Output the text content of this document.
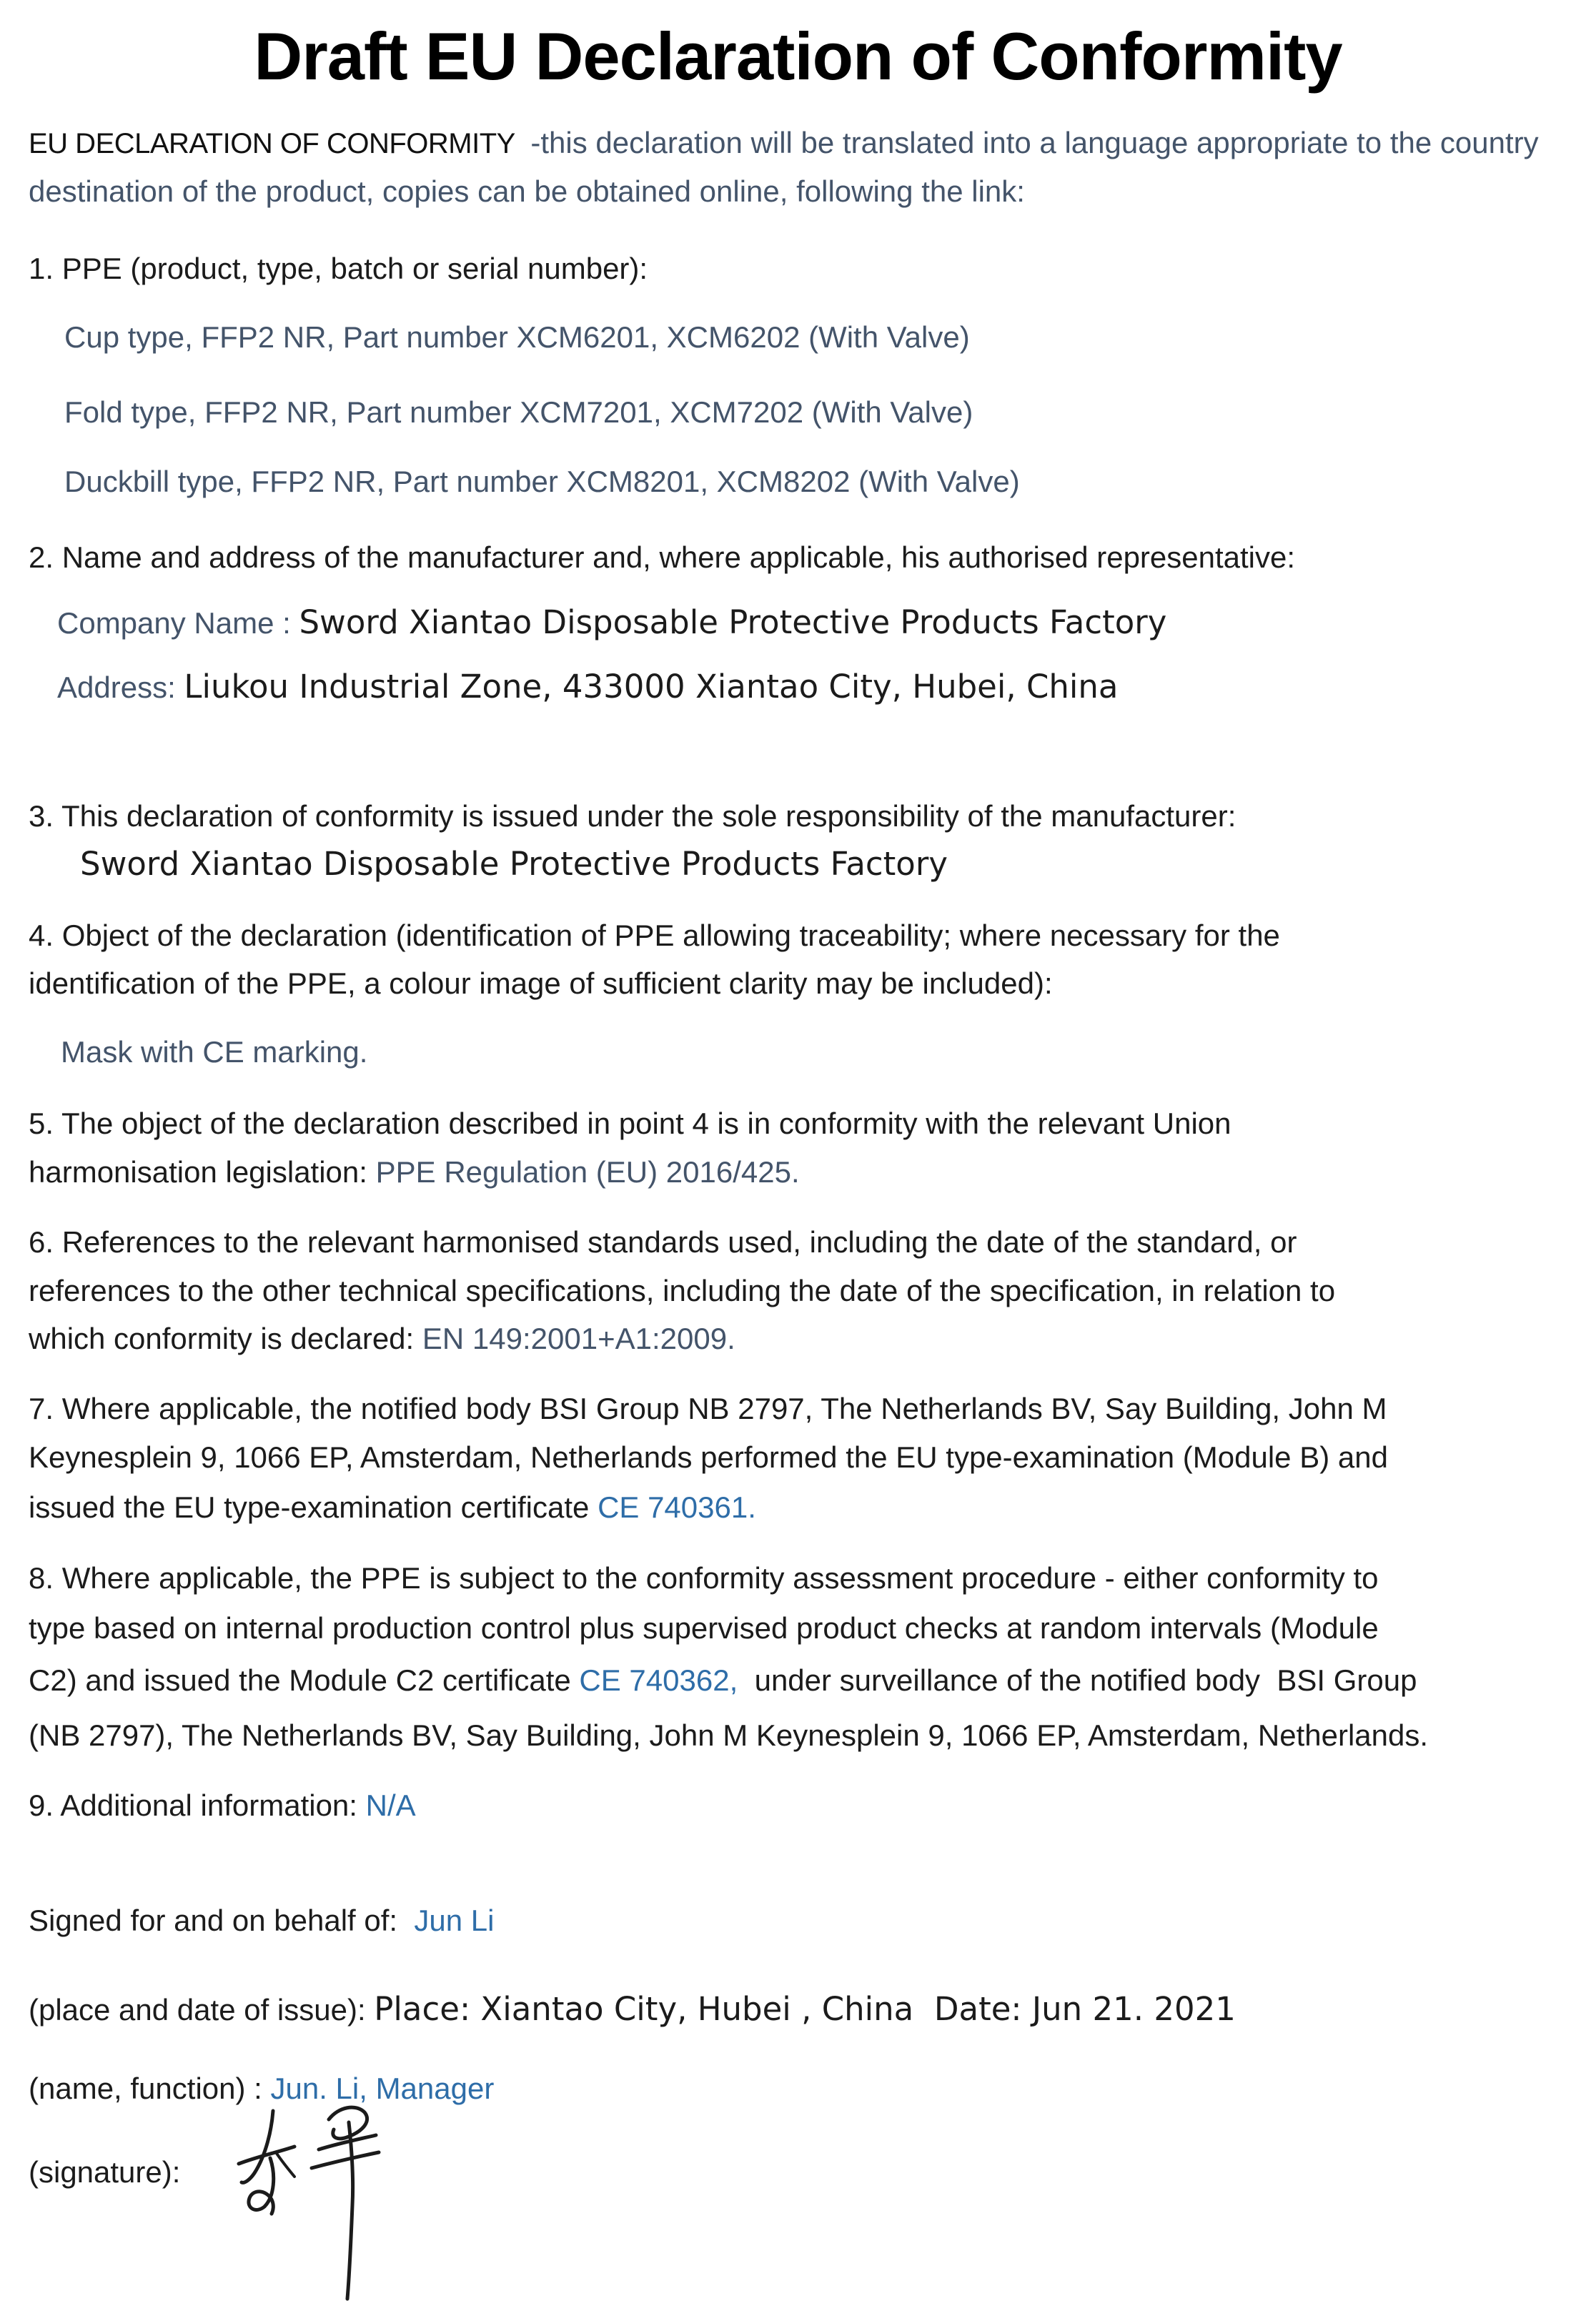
Draft EU Declaration of Conformity
EU DECLARATION OF CONFORMITY  -this declaration will be translated into a language appropriate to the country
destination of the product, copies can be obtained online, following the link:
1. PPE (product, type, batch or serial number):
Cup type, FFP2 NR, Part number XCM6201, XCM6202 (With Valve)
Fold type, FFP2 NR, Part number XCM7201, XCM7202 (With Valve)
Duckbill type, FFP2 NR, Part number XCM8201, XCM8202 (With Valve)
2. Name and address of the manufacturer and, where applicable, his authorised representative:
Company Name : Sword Xiantao Disposable Protective Products Factory
Address: Liukou Industrial Zone, 433000 Xiantao City, Hubei, China
3. This declaration of conformity is issued under the sole responsibility of the manufacturer:
Sword Xiantao Disposable Protective Products Factory
4. Object of the declaration (identification of PPE allowing traceability; where necessary for the
identification of the PPE, a colour image of sufficient clarity may be included):
Mask with CE marking.
5. The object of the declaration described in point 4 is in conformity with the relevant Union
harmonisation legislation: PPE Regulation (EU) 2016/425.
6. References to the relevant harmonised standards used, including the date of the standard, or
references to the other technical specifications, including the date of the specification, in relation to
which conformity is declared: EN 149:2001+A1:2009.
7. Where applicable, the notified body BSI Group NB 2797, The Netherlands BV, Say Building, John M
Keynesplein 9, 1066 EP, Amsterdam, Netherlands performed the EU type-examination (Module B) and
issued the EU type-examination certificate CE 740361.
8. Where applicable, the PPE is subject to the conformity assessment procedure - either conformity to
type based on internal production control plus supervised product checks at random intervals (Module
C2) and issued the Module C2 certificate CE 740362,  under surveillance of the notified body  BSI Group
(NB 2797), The Netherlands BV, Say Building, John M Keynesplein 9, 1066 EP, Amsterdam, Netherlands.
9. Additional information: N/A
Signed for and on behalf of:  Jun Li
(place and date of issue): Place: Xiantao City, Hubei , China  Date: Jun 21. 2021
(name, function) : Jun. Li, Manager
(signature):
